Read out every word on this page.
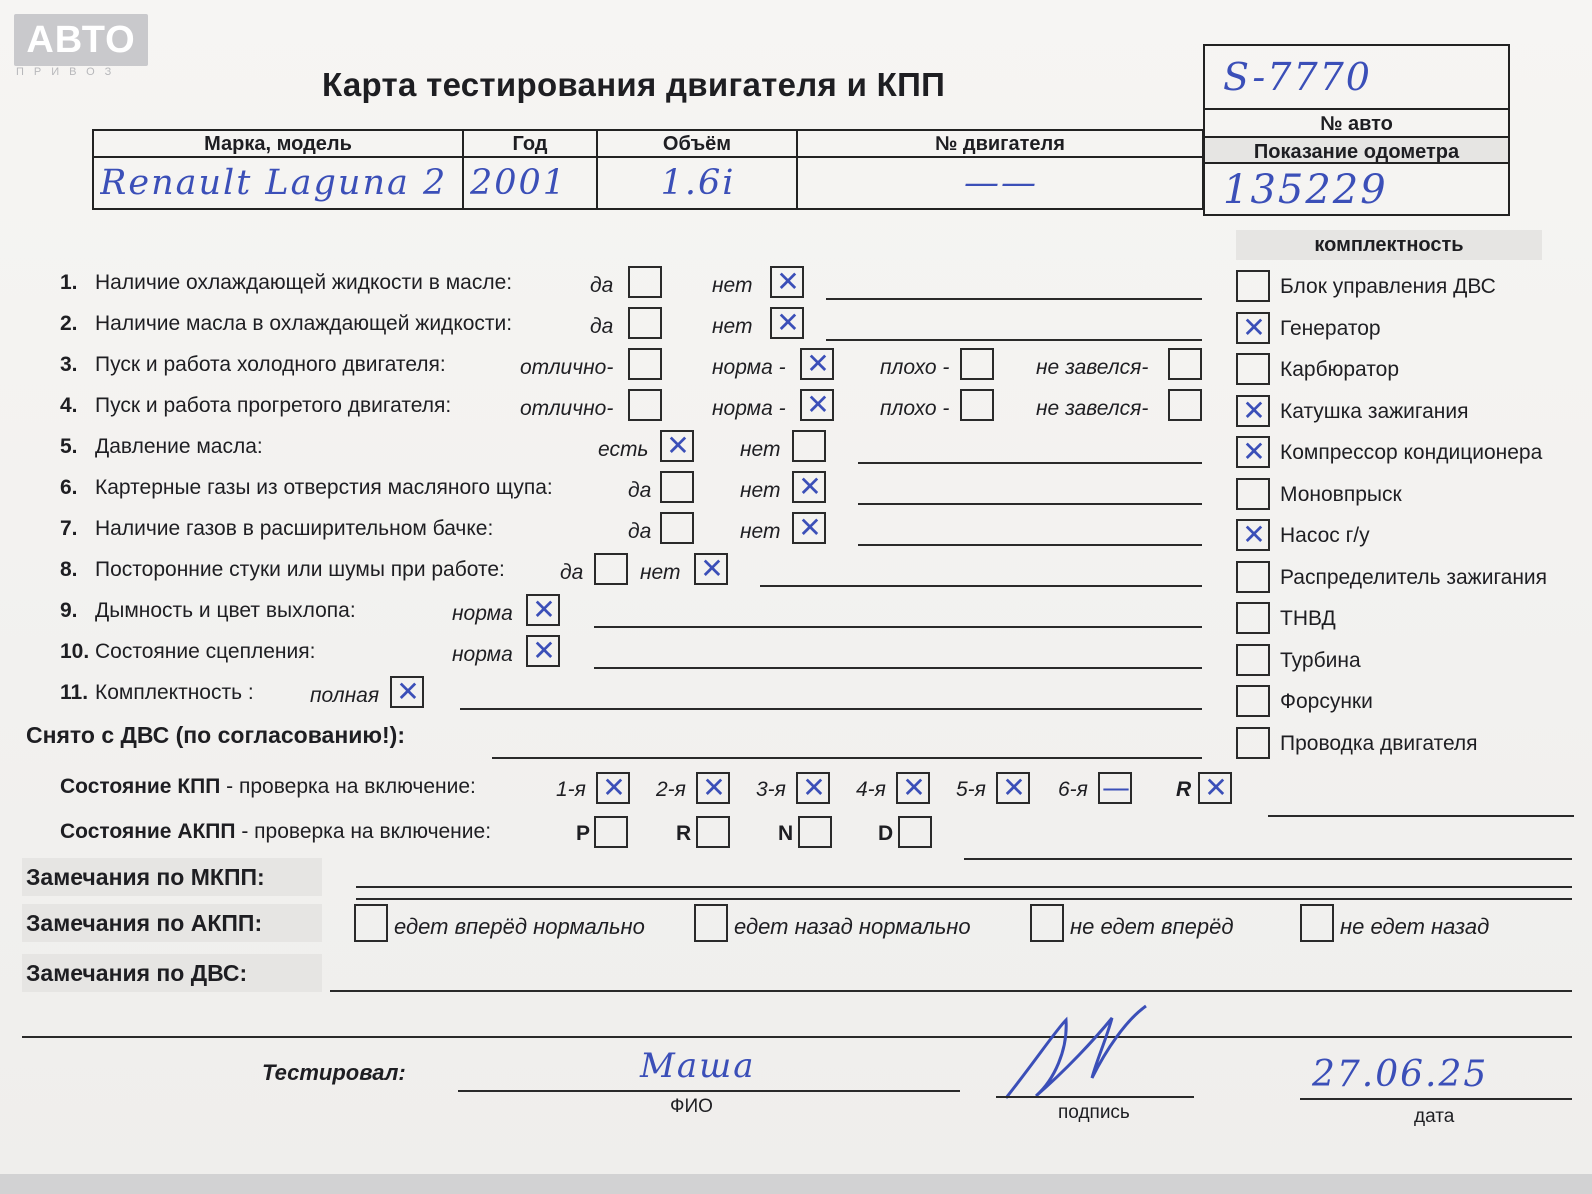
АВТО
ПРИВОЗ	Карта тестирования двигателя и КПП	S-7770
№ авто
Показание одометра
135229
Марка, модель
Renault Laguna 2
Год
2001
Объём
1.6i
№ двигателя
——
комплектность
1. Наличие охлаждающей жидкости в масле:	да	нет ✕
2. Наличие масла в охлаждающей жидкости:	да	нет ✕
3. Пуск и работа холодного двигателя:	отлично-	норма - ✕ плохо -	не завелся-
4. Пуск и работа прогретого двигателя:	отлично-	норма - ✕ плохо -	не завелся-
5. Давление масла:	есть ✕ нет
6. Картерные газы из отверстия масляного щупа:	да	нет ✕
7. Наличие газов в расширительном бачке:	да	нет ✕
8. Посторонние стуки или шумы при работе:	да	нет ✕
9. Дымность и цвет выхлопа:	норма ✕
10. Состояние сцепления:	норма ✕
11. Комплектность :	полная ✕
Блок управления ДВС
✕ Генератор
Карбюратор
✕ Катушка зажигания
✕ Компрессор кондиционера
Моновпрыск
✕ Насос г/у
Распределитель зажигания
ТНВД
Турбина
Форсунки
Проводка двигателя
Снято с ДВС (по согласованию!):
Состояние КПП - проверка на включение:	1-я ✕ 2-я ✕ 3-я ✕ 4-я ✕ 5-я ✕ 6-я — R ✕
Состояние АКПП - проверка на включение:	P	R	N	D
Замечания по МКПП:
Замечания по АКПП:	едет вперёд нормально	едет назад нормально	не едет вперёд	не едет назад
Замечания по ДВС:
Тестировал:	Маша
ФИО	подпись
27.06.25
дата
